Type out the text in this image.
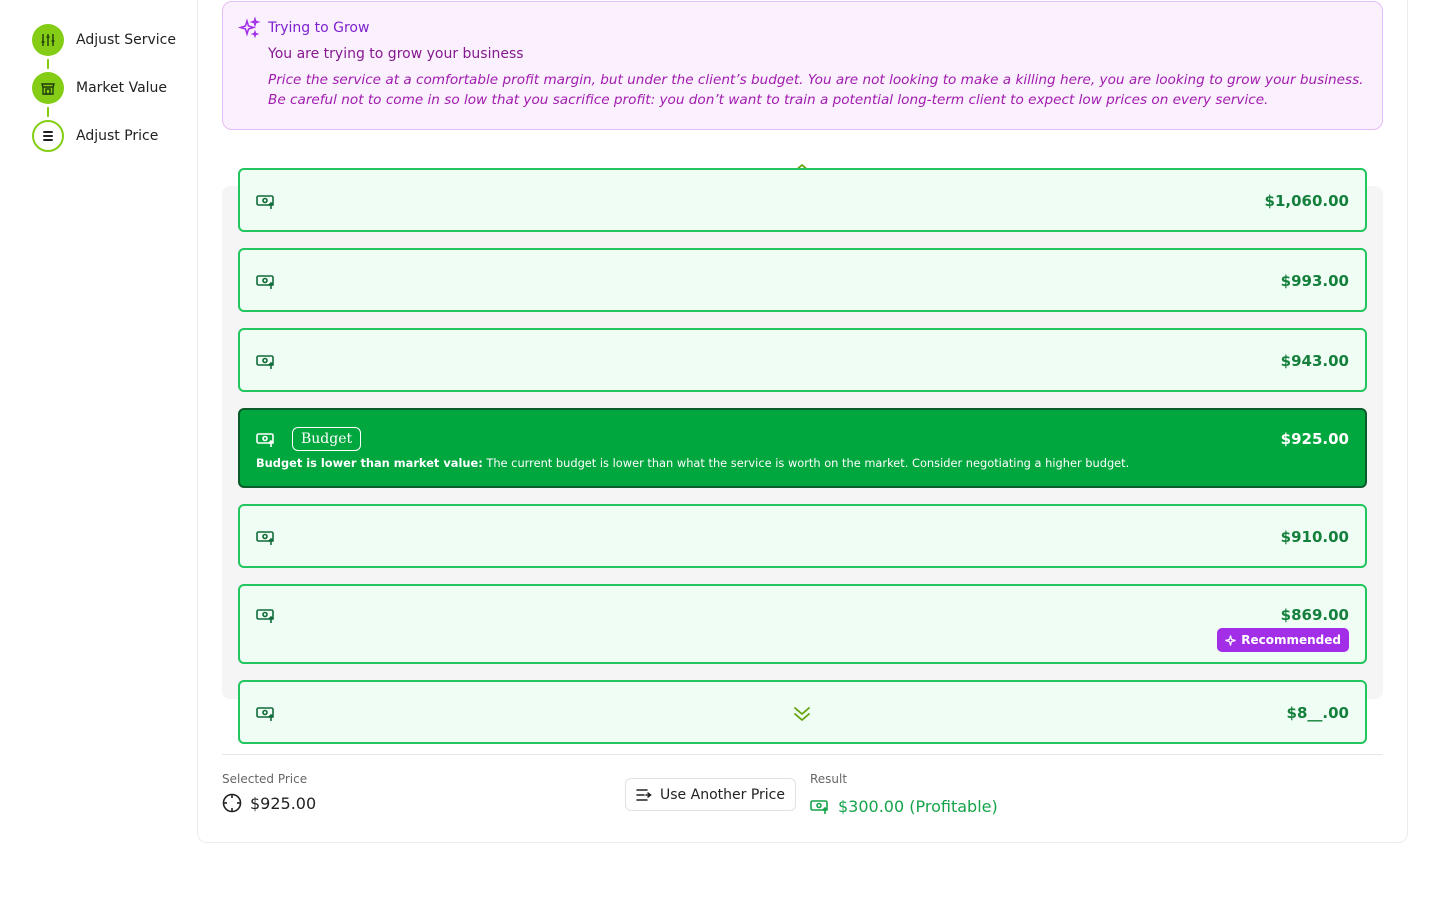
Adjust Service
Market Value
Adjust Price
Trying to Grow
You are trying to grow your business
Price the service at a comfortable profit margin, but under the client’s budget. You are not looking to make a killing here, you are looking to grow your business. Be careful not to come in so low that you sacrifice profit: you don’t want to train a potential long-term client to expect low prices on every service.
$1,060.00
$993.00
$943.00
$925.00
Budget
Budget is lower than market value: The current budget is lower than what the service is worth on the market. Consider negotiating a higher budget.
$910.00
$869.00
Recommended
$8__.00
Selected Price
$925.00	Use Another Price
Result
$300.00 (Profitable)
